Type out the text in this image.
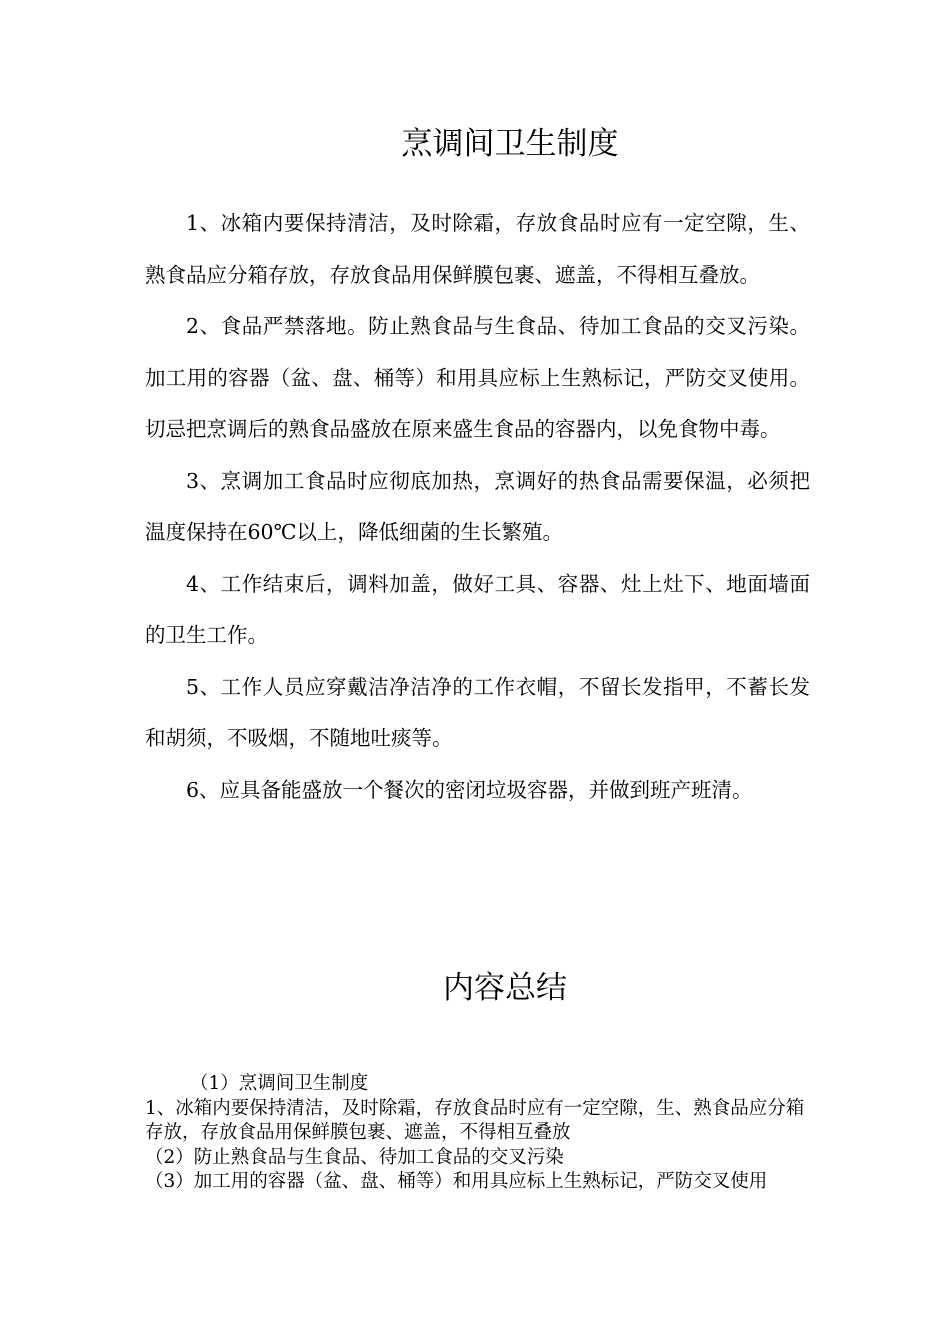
烹调间卫生制度

1、冰箱内要保持清洁，及时除霜，存放食品时应有一定空隙，生、熟食品应分箱存放，存放食品用保鲜膜包裹、遮盖，不得相互叠放。

2、食品严禁落地。防止熟食品与生食品、待加工食品的交叉污染。加工用的容器（盆、盘、桶等）和用具应标上生熟标记，严防交叉使用。切忌把烹调后的熟食品盛放在原来盛生食品的容器内，以免食物中毒。

3、烹调加工食品时应彻底加热，烹调好的热食品需要保温，必须把温度保持在60℃以上，降低细菌的生长繁殖。

4、工作结束后，调料加盖，做好工具、容器、灶上灶下、地面墙面的卫生工作。

5、工作人员应穿戴洁净洁净的工作衣帽，不留长发指甲，不蓄长发和胡须，不吸烟，不随地吐痰等。

6、应具备能盛放一个餐次的密闭垃圾容器，并做到班产班清。

内容总结

（1）烹调间卫生制度

1、冰箱内要保持清洁，及时除霜，存放食品时应有一定空隙，生、熟食品应分箱存放，存放食品用保鲜膜包裹、遮盖，不得相互叠放

（2）防止熟食品与生食品、待加工食品的交叉污染

（3）加工用的容器（盆、盘、桶等）和用具应标上生熟标记，严防交叉使用
